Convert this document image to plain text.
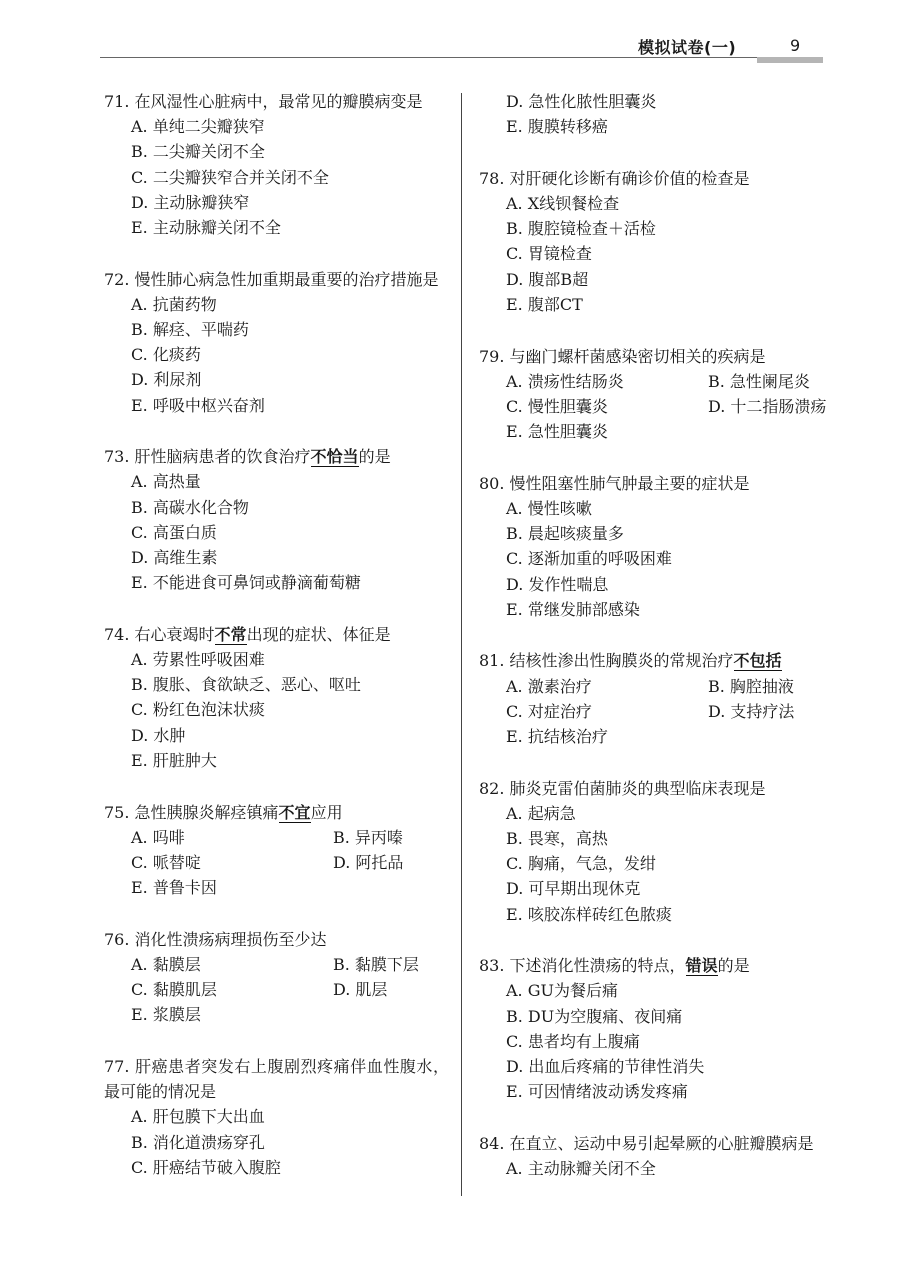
模拟试卷(一)	9
71. 在风湿性心脏病中，最常见的瓣膜病变是
A. 单纯二尖瓣狭窄
B. 二尖瓣关闭不全
C. 二尖瓣狭窄合并关闭不全
D. 主动脉瓣狭窄
E. 主动脉瓣关闭不全
72. 慢性肺心病急性加重期最重要的治疗措施是
A. 抗菌药物
B. 解痉、平喘药
C. 化痰药
D. 利尿剂
E. 呼吸中枢兴奋剂
73. 肝性脑病患者的饮食治疗不恰当的是
A. 高热量
B. 高碳水化合物
C. 高蛋白质
D. 高维生素
E. 不能进食可鼻饲或静滴葡萄糖
74. 右心衰竭时不常出现的症状、体征是
A. 劳累性呼吸困难
B. 腹胀、食欲缺乏、恶心、呕吐
C. 粉红色泡沫状痰
D. 水肿
E. 肝脏肿大
75. 急性胰腺炎解痉镇痛不宜应用
A. 吗啡	B. 异丙嗪
C. 哌替啶	D. 阿托品
E. 普鲁卡因
76. 消化性溃疡病理损伤至少达
A. 黏膜层	B. 黏膜下层
C. 黏膜肌层	D. 肌层
E. 浆膜层
77. 肝癌患者突发右上腹剧烈疼痛伴血性腹水，最可能的情况是
A. 肝包膜下大出血
B. 消化道溃疡穿孔
C. 肝癌结节破入腹腔
D. 急性化脓性胆囊炎
E. 腹膜转移癌
78. 对肝硬化诊断有确诊价值的检查是
A. X线钡餐检查
B. 腹腔镜检查＋活检
C. 胃镜检查
D. 腹部B超
E. 腹部CT
79. 与幽门螺杆菌感染密切相关的疾病是
A. 溃疡性结肠炎	B. 急性阑尾炎
C. 慢性胆囊炎	D. 十二指肠溃疡
E. 急性胆囊炎
80. 慢性阻塞性肺气肿最主要的症状是
A. 慢性咳嗽
B. 晨起咳痰量多
C. 逐渐加重的呼吸困难
D. 发作性喘息
E. 常继发肺部感染
81. 结核性渗出性胸膜炎的常规治疗不包括
A. 激素治疗	B. 胸腔抽液
C. 对症治疗	D. 支持疗法
E. 抗结核治疗
82. 肺炎克雷伯菌肺炎的典型临床表现是
A. 起病急
B. 畏寒，高热
C. 胸痛，气急，发绀
D. 可早期出现休克
E. 咳胶冻样砖红色脓痰
83. 下述消化性溃疡的特点，错误的是
A. GU为餐后痛
B. DU为空腹痛、夜间痛
C. 患者均有上腹痛
D. 出血后疼痛的节律性消失
E. 可因情绪波动诱发疼痛
84. 在直立、运动中易引起晕厥的心脏瓣膜病是
A. 主动脉瓣关闭不全
